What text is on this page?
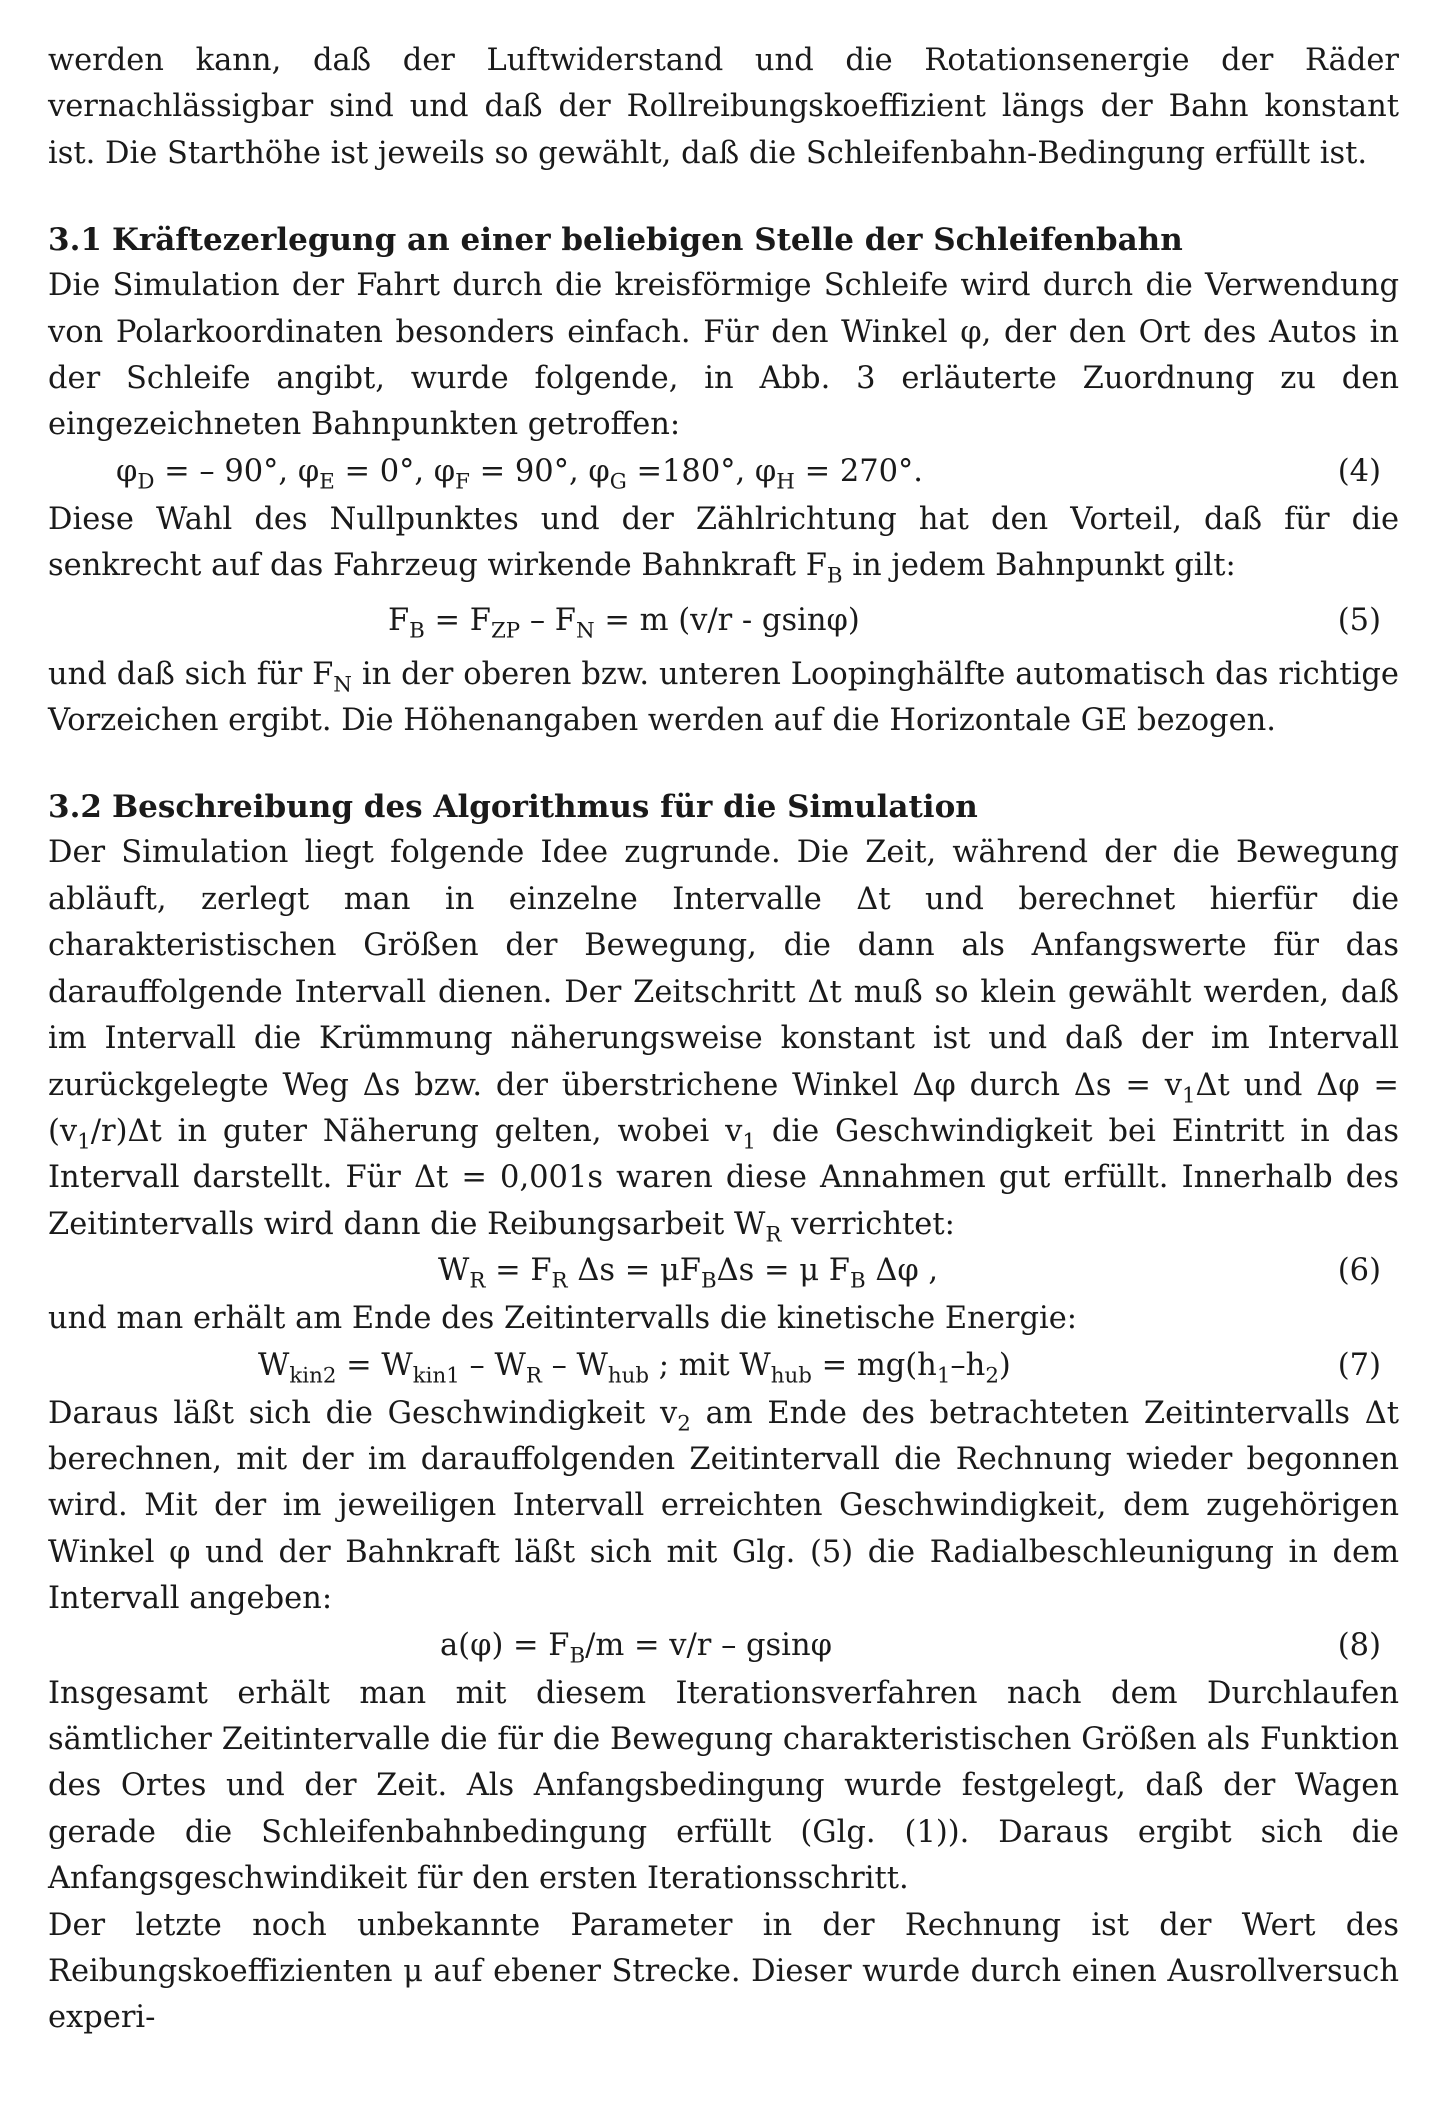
werden kann, daß der Luftwiderstand und die Rotationsenergie der Räder vernachlässigbar sind und daß der Rollreibungskoeffizient längs der Bahn konstant ist. Die Starthöhe ist jeweils so gewählt, daß die Schleifenbahn-Bedingung erfüllt ist.

3.1 Kräftezerlegung an einer beliebigen Stelle der Schleifenbahn

Die Simulation der Fahrt durch die kreisförmige Schleife wird durch die Verwendung von Polarkoordinaten besonders einfach. Für den Winkel φ, der den Ort des Autos in der Schleife angibt, wurde folgende, in Abb. 3 erläuterte Zuordnung zu den eingezeichneten Bahnpunkten getroffen:

$\varphi_D$ = – 90°, $\varphi_E = 0^\circ$, $\varphi_F = 90^\circ$, $\varphi_G =180^\circ$, $\varphi_H = 270^\circ$.	(4)

Diese Wahl des Nullpunktes und der Zählrichtung hat den Vorteil, daß für die senkrecht auf das Fahrzeug wirkende Bahnkraft $F_B$ in jedem Bahnpunkt gilt:

$F_B = F_{ZP} - F_N = m$ (v/r - gsinφ)	(5)

und daß sich für $F_N$ in der oberen bzw. unteren Loopinghälfte automatisch das richtige Vorzeichen ergibt. Die Höhenangaben werden auf die Horizontale GE bezogen.

3.2 Beschreibung des Algorithmus für die Simulation

Der Simulation liegt folgende Idee zugrunde. Die Zeit, während der die Bewegung abläuft, zerlegt man in einzelne Intervalle Δt und berechnet hierfür die charakteristischen Größen der Bewegung, die dann als Anfangswerte für das darauffolgende Intervall dienen. Der Zeitschritt Δt muß so klein gewählt werden, daß im Intervall die Krümmung näherungsweise konstant ist und daß der im Intervall zurückgelegte Weg Δs bzw. der überstrichene Winkel Δφ durch $\Delta s = v_1\Delta t$ und $\Delta\varphi = (v_1/r)\Delta t$ in guter Näherung gelten, wobei $v_1$ die Geschwindigkeit bei Eintritt in das Intervall darstellt. Für Δt = 0,001s waren diese Annahmen gut erfüllt. Innerhalb des Zeitintervalls wird dann die Reibungsarbeit $W_R$ verrichtet:

$W_R = F_R$ $\Delta s = \mu F_B\Delta s = \mu$ $F_B$ Δφ ,	(6)

und man erhält am Ende des Zeitintervalls die kinetische Energie:

$W_{kin2} = W_{kin1} - W_R - W_{hub}$ ; mit $W_{hub} = mg(h_1-h_2)$	(7)

Daraus läßt sich die Geschwindigkeit $v_2$ am Ende des betrachteten Zeitintervalls Δt berechnen, mit der im darauffolgenden Zeitintervall die Rechnung wieder begonnen wird. Mit der im jeweiligen Intervall erreichten Geschwindigkeit, dem zugehörigen Winkel φ und der Bahnkraft läßt sich mit Glg. (5) die Radialbeschleunigung in dem Intervall angeben:

$a(\varphi) = F_B/m = v/r - gsin\varphi$	(8)

Insgesamt erhält man mit diesem Iterationsverfahren nach dem Durchlaufen sämtlicher Zeitintervalle die für die Bewegung charakteristischen Größen als Funktion des Ortes und der Zeit. Als Anfangsbedingung wurde festgelegt, daß der Wagen gerade die Schleifenbahnbedingung erfüllt (Glg. (1)). Daraus ergibt sich die Anfangsgeschwindikeit für den ersten Iterationsschritt.

Der letzte noch unbekannte Parameter in der Rechnung ist der Wert des Reibungskoeffizienten μ auf ebener Strecke. Dieser wurde durch einen Ausrollversuch experi-
